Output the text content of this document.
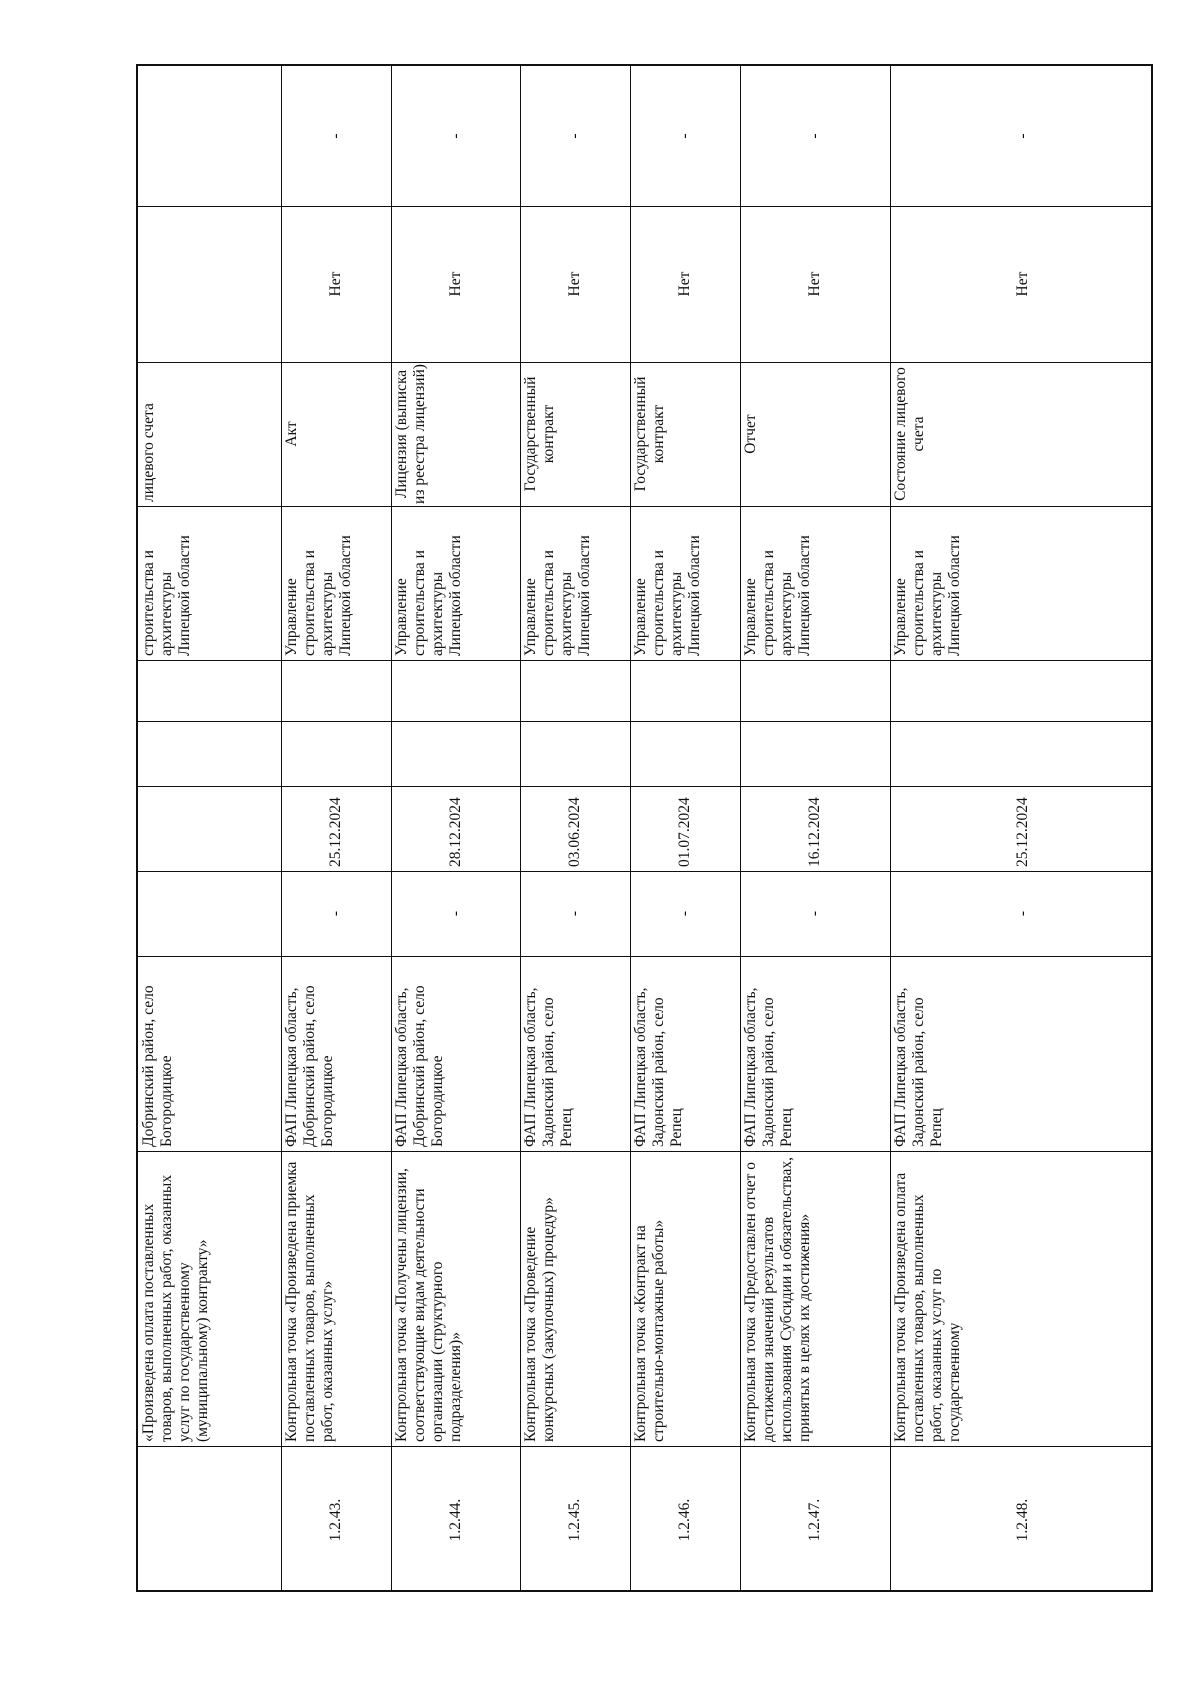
«Произведена оплата поставленных товаров, выполненных работ, оказанных услуг по государственному (муниципальному) контракту»
Добринский район, село Богородицкое
строительства и архитектуры Липецкой области
лицевого счета
1.2.43.
Контрольная точка «Произведена приемка поставленных товаров, выполненных работ, оказанных услуг»
ФАП Липецкая область, Добринский район, село Богородицкое
-
25.12.2024
Управление строительства и архитектуры Липецкой области
Акт
Нет
-
1.2.44.
Контрольная точка «Получены лицензии, соответствующие видам деятельности организации (структурного подразделения)»
ФАП Липецкая область, Добринский район, село Богородицкое
-
28.12.2024
Управление строительства и архитектуры Липецкой области
Лицензия (выписка из реестра лицензий)
Нет
-
1.2.45.
Контрольная точка «Проведение конкурсных (закупочных) процедур»
ФАП Липецкая область, Задонский район, село Репец
-
03.06.2024
Управление строительства и архитектуры Липецкой области
Государственный контракт
Нет
-
1.2.46.
Контрольная точка «Контракт на строительно-монтажные работы»
ФАП Липецкая область, Задонский район, село Репец
-
01.07.2024
Управление строительства и архитектуры Липецкой области
Государственный контракт
Нет
-
1.2.47.
Контрольная точка «Предоставлен отчет о достижении значений результатов использования Субсидии и обязательствах, принятых в целях их достижения»
ФАП Липецкая область, Задонский район, село Репец
-
16.12.2024
Управление строительства и архитектуры Липецкой области
Отчет
Нет
-
1.2.48.
Контрольная точка «Произведена оплата поставленных товаров, выполненных работ, оказанных услуг по государственному
ФАП Липецкая область, Задонский район, село Репец
-
25.12.2024
Управление строительства и архитектуры Липецкой области
Состояние лицевого счета
Нет
-
